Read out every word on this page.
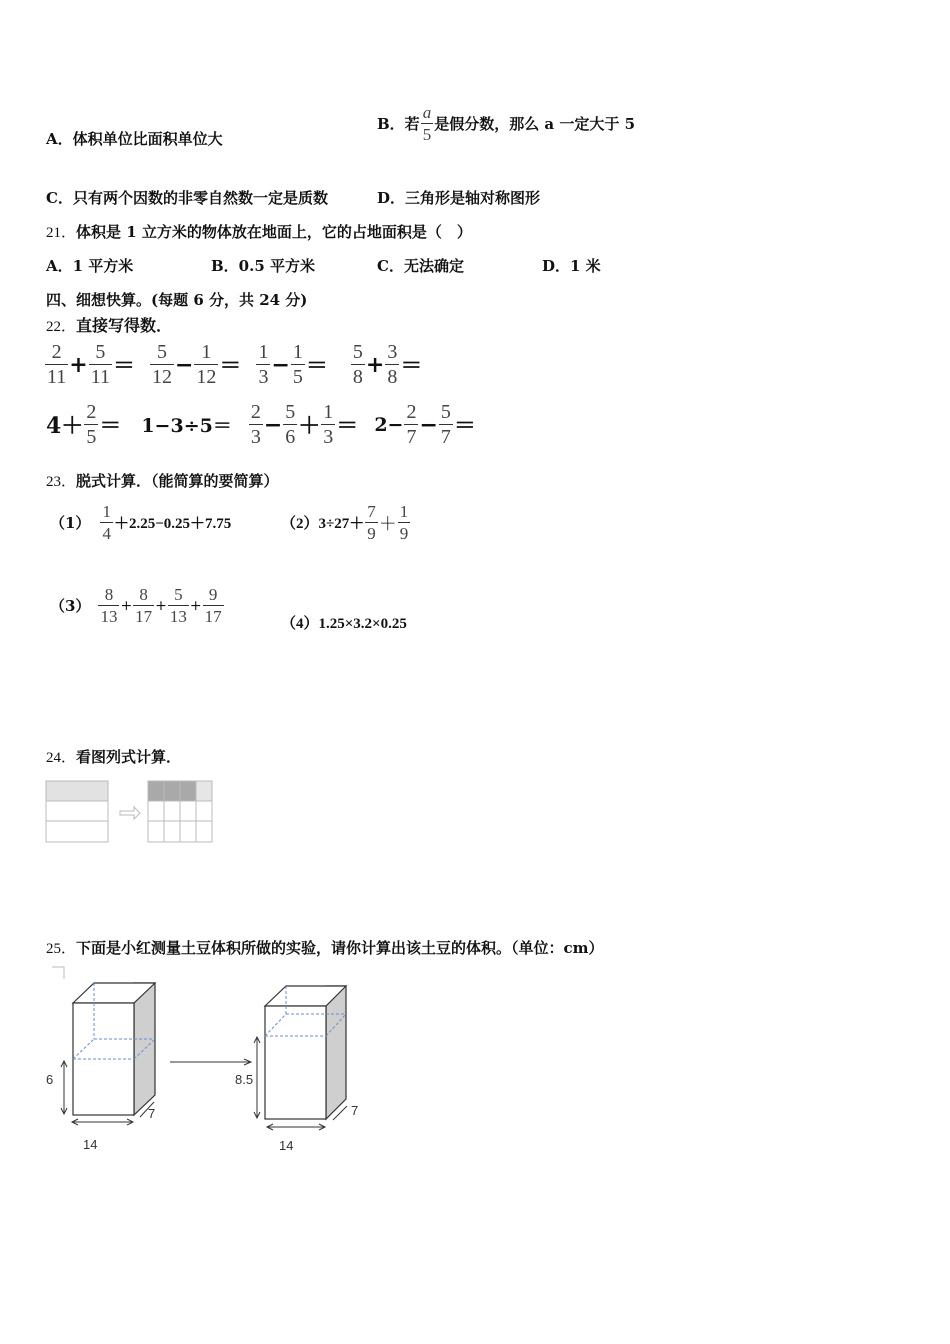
A．体积单位比面积单位大
B．若 $\frac{a}{5}$ 是假分数，那么 a 一定大于 5
C．只有两个因数的非零自然数一定是质数	D．三角形是轴对称图形
21．体积是 1 立方米的物体放在地面上，它的占地面积是（　）
A．1 平方米	B．0.5 平方米	C．无法确定	D．1 米
四、细想快算。(每题 6 分，共 24 分)
22．直接写得数．
$\frac{2}{11} + \frac{5}{11} = \frac{5}{12} - \frac{1}{12} = \frac{1}{3} - \frac{1}{5} = \frac{5}{8} + \frac{3}{8}$ ＝
$4+ \frac{2}{5} = 1-3\div 5= \frac{2}{3} - \frac{5}{6} + \frac{1}{3} = 2- \frac{2}{7} - \frac{5}{7}$ ＝
23．脱式计算．（能简算的要简算）
$(1) \frac{1}{4} +2.25-0.25+7.75$	$(2)3\div 27+ \frac{7}{9} + \frac{1}{9}$
$(3) \frac{8}{13} + \frac{8}{17} + \frac{5}{13} + \frac{9}{17}$	（4）1.25×3.2×0.25
24．看图列式计算．
25．下面是小红测量土豆体积所做的实验，请你计算出该土豆的体积。（单位：cm）
6
14
7
8.5
14
7
